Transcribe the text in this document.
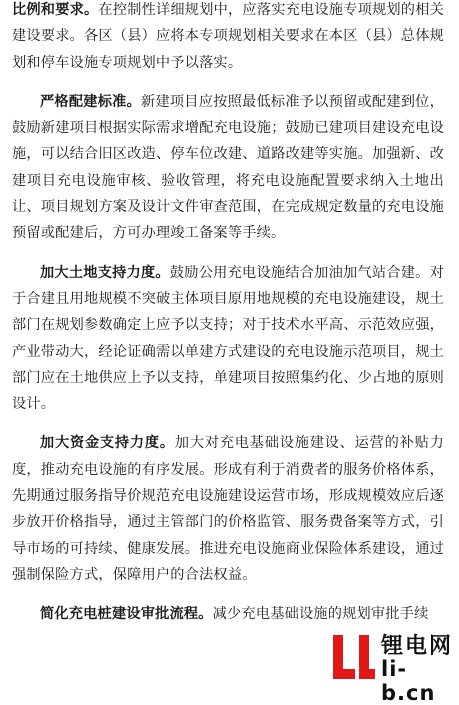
比例和要求。在控制性详细规划中，应落实充电设施专项规划的相关建设要求。各区（县）应将本专项规划相关要求在本区（县）总体规划和停车设施专项规划中予以落实。

严格配建标准。新建项目应按照最低标准予以预留或配建到位，鼓励新建项目根据实际需求增配充电设施；鼓励已建项目建设充电设施，可以结合旧区改造、停车位改建、道路改建等实施。加强新、改建项目充电设施审核、验收管理，将充电设施配置要求纳入土地出让、项目规划方案及设计文件审查范围，在完成规定数量的充电设施预留或配建后，方可办理竣工备案等手续。

加大土地支持力度。鼓励公用充电设施结合加油加气站合建。对于合建且用地规模不突破主体项目原用地规模的充电设施建设，规土部门在规划参数确定上应予以支持；对于技术水平高、示范效应强，产业带动大，经论证确需以单建方式建设的充电设施示范项目，规土部门应在土地供应上予以支持，单建项目按照集约化、少占地的原则设计。

加大资金支持力度。加大对充电基础设施建设、运营的补贴力度，推动充电设施的有序发展。形成有利于消费者的服务价格体系，先期通过服务指导价规范充电设施建设运营市场，形成规模效应后逐步放开价格指导，通过主管部门的价格监管、服务费备案等方式，引导市场的可持续、健康发展。推进充电设施商业保险体系建设，通过强制保险方式，保障用户的合法权益。

简化充电桩建设审批流程。减少充电基础设施的规划审批手续

锂电网
li-b.cn
